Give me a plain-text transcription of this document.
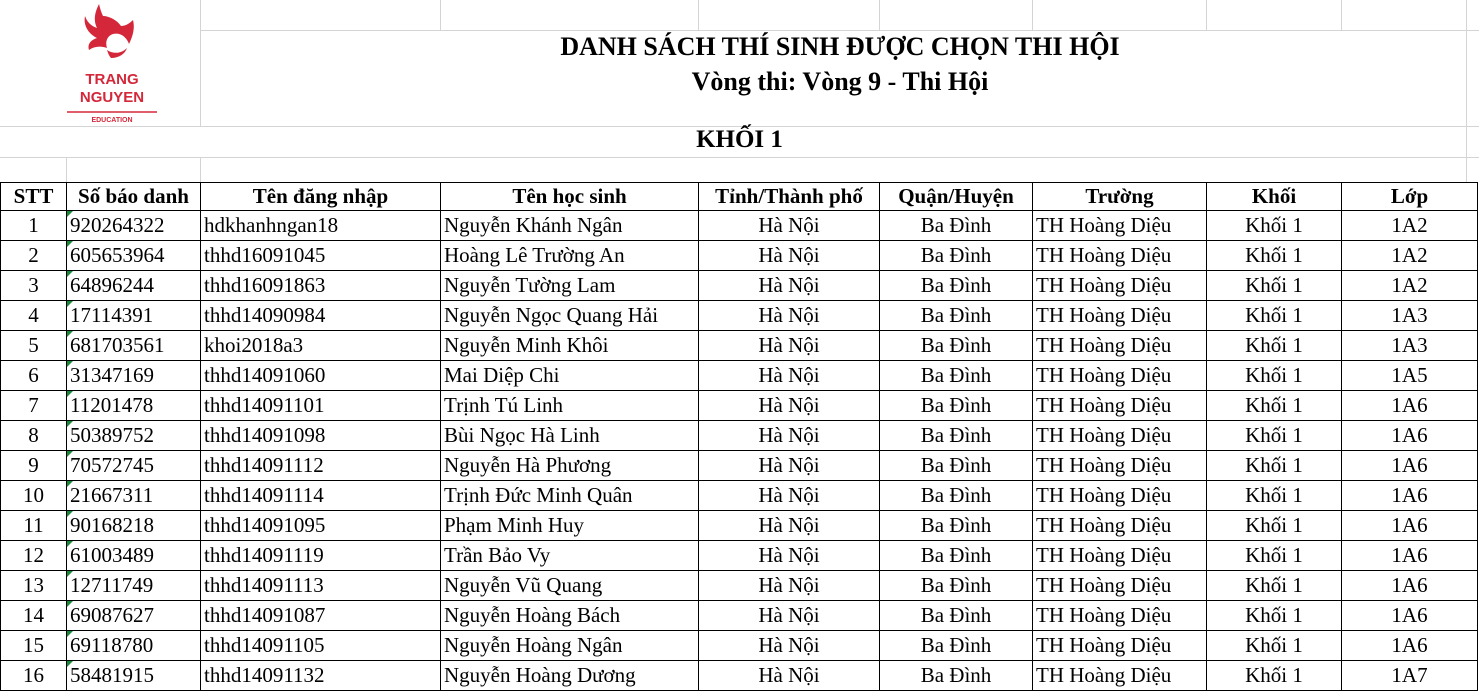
TRANG
NGUYEN
EDUCATION
DANH SÁCH THÍ SINH ĐƯỢC CHỌN THI HỘI
Vòng thi: Vòng 9 - Thi Hội
KHỐI 1
STT	Số báo danh	Tên đăng nhập	Tên học sinh	Tỉnh/Thành phố	Quận/Huyện	Trường	Khối	Lớp
1	920264322	hdkhanhngan18	Nguyễn Khánh Ngân	Hà Nội	Ba Đình	TH Hoàng Diệu	Khối 1	1A2
2	605653964	thhd16091045	Hoàng Lê Trường An	Hà Nội	Ba Đình	TH Hoàng Diệu	Khối 1	1A2
3	64896244	thhd16091863	Nguyễn Tường Lam	Hà Nội	Ba Đình	TH Hoàng Diệu	Khối 1	1A2
4	17114391	thhd14090984	Nguyễn Ngọc Quang Hải	Hà Nội	Ba Đình	TH Hoàng Diệu	Khối 1	1A3
5	681703561	khoi2018a3	Nguyễn Minh Khôi	Hà Nội	Ba Đình	TH Hoàng Diệu	Khối 1	1A3
6	31347169	thhd14091060	Mai Diệp Chi	Hà Nội	Ba Đình	TH Hoàng Diệu	Khối 1	1A5
7	11201478	thhd14091101	Trịnh Tú Linh	Hà Nội	Ba Đình	TH Hoàng Diệu	Khối 1	1A6
8	50389752	thhd14091098	Bùi Ngọc Hà Linh	Hà Nội	Ba Đình	TH Hoàng Diệu	Khối 1	1A6
9	70572745	thhd14091112	Nguyễn Hà Phương	Hà Nội	Ba Đình	TH Hoàng Diệu	Khối 1	1A6
10	21667311	thhd14091114	Trịnh Đức Minh Quân	Hà Nội	Ba Đình	TH Hoàng Diệu	Khối 1	1A6
11	90168218	thhd14091095	Phạm Minh Huy	Hà Nội	Ba Đình	TH Hoàng Diệu	Khối 1	1A6
12	61003489	thhd14091119	Trần Bảo Vy	Hà Nội	Ba Đình	TH Hoàng Diệu	Khối 1	1A6
13	12711749	thhd14091113	Nguyễn Vũ Quang	Hà Nội	Ba Đình	TH Hoàng Diệu	Khối 1	1A6
14	69087627	thhd14091087	Nguyễn Hoàng Bách	Hà Nội	Ba Đình	TH Hoàng Diệu	Khối 1	1A6
15	69118780	thhd14091105	Nguyễn Hoàng Ngân	Hà Nội	Ba Đình	TH Hoàng Diệu	Khối 1	1A6
16	58481915	thhd14091132	Nguyễn Hoàng Dương	Hà Nội	Ba Đình	TH Hoàng Diệu	Khối 1	1A7
